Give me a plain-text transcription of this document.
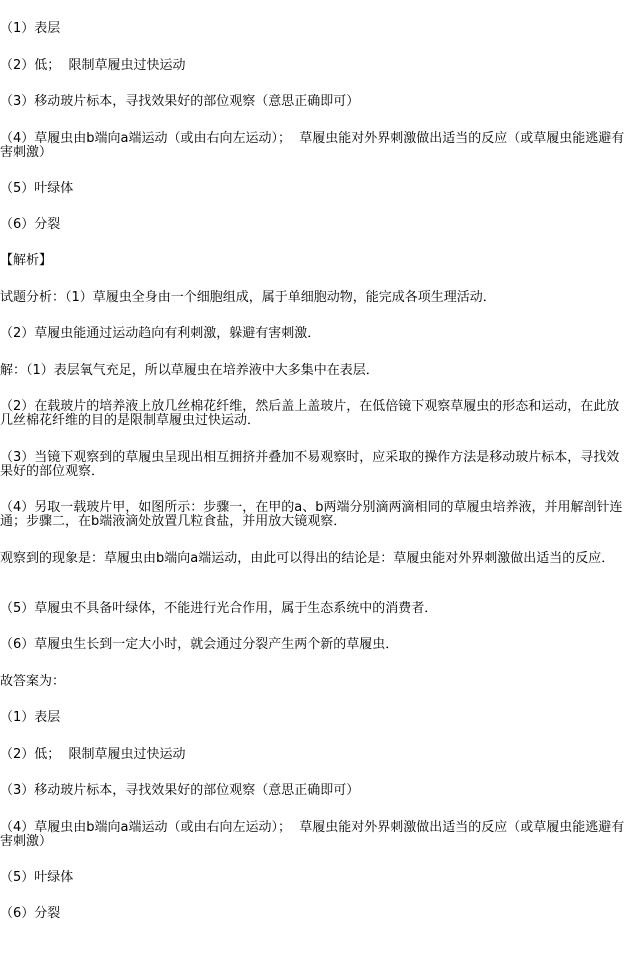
（1）表层

（2）低；  限制草履虫过快运动

（3）移动玻片标本，寻找效果好的部位观察（意思正确即可）

（4）草履虫由b端向a端运动（或由右向左运动）；  草履虫能对外界刺激做出适当的反应（或草履虫能逃避有害刺激）

（5）叶绿体

（6）分裂

【解析】

试题分析：（1）草履虫全身由一个细胞组成，属于单细胞动物，能完成各项生理活动．

（2）草履虫能通过运动趋向有利刺激，躲避有害刺激．

解：（1）表层氧气充足，所以草履虫在培养液中大多集中在表层．

（2）在载玻片的培养液上放几丝棉花纤维，然后盖上盖玻片，在低倍镜下观察草履虫的形态和运动，在此放几丝棉花纤维的目的是限制草履虫过快运动．

（3）当镜下观察到的草履虫呈现出相互拥挤并叠加不易观察时，应采取的操作方法是移动玻片标本，寻找效果好的部位观察．

（4）另取一载玻片甲，如图所示：步骤一，在甲的a、b两端分别滴两滴相同的草履虫培养液，并用解剖针连通；步骤二，在b端液滴处放置几粒食盐，并用放大镜观察．

观察到的现象是：草履虫由b端向a端运动，由此可以得出的结论是：草履虫能对外界刺激做出适当的反应．

（5）草履虫不具备叶绿体，不能进行光合作用，属于生态系统中的消费者．

（6）草履虫生长到一定大小时，就会通过分裂产生两个新的草履虫．

故答案为：

（1）表层

（2）低；  限制草履虫过快运动

（3）移动玻片标本，寻找效果好的部位观察（意思正确即可）

（4）草履虫由b端向a端运动（或由右向左运动）；  草履虫能对外界刺激做出适当的反应（或草履虫能逃避有害刺激）

（5）叶绿体

（6）分裂
